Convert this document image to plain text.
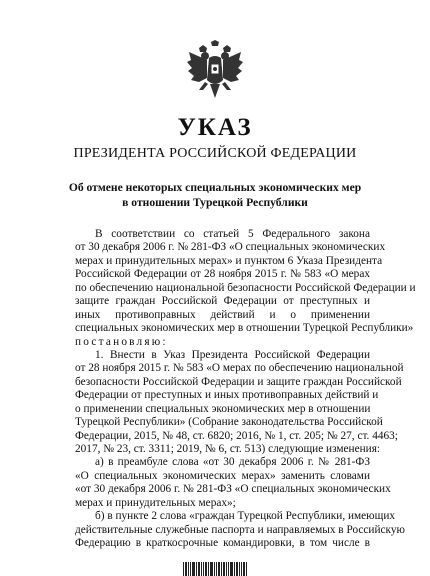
УКАЗ
ПРЕЗИДЕНТА РОССИЙСКОЙ ФЕДЕРАЦИИ
Об отмене некоторых специальных экономических мер
в отношении Турецкой Республики
В соответствии со статьей 5 Федерального закона
от 30 декабря 2006 г. № 281-ФЗ «О специальных экономических
мерах и принудительных мерах» и пунктом 6 Указа Президента
Российской Федерации от 28 ноября 2015 г. № 583 «О мерах
по обеспечению национальной безопасности Российской Федерации и
защите граждан Российской Федерации от преступных и
иных противоправных действий и о применении
специальных экономических мер в отношении Турецкой Республики»
постановляю:
1. Внести в Указ Президента Российской Федерации
от 28 ноября 2015 г. № 583 «О мерах по обеспечению национальной
безопасности Российской Федерации и защите граждан Российской
Федерации от преступных и иных противоправных действий и
о применении специальных экономических мер в отношении
Турецкой Республики» (Собрание законодательства Российской
Федерации, 2015, № 48, ст. 6820; 2016, № 1, ст. 205; № 27, ст. 4463;
2017, № 23, ст. 3311; 2019, № 6, ст. 513) следующие изменения:
а) в преамбуле слова «от 30 декабря 2006 г. № 281-ФЗ
«О специальных экономических мерах» заменить словами
«от 30 декабря 2006 г. № 281-ФЗ «О специальных экономических
мерах и принудительных мерах»;
б) в пункте 2 слова «граждан Турецкой Республики, имеющих
действительные служебные паспорта и направляемых в Российскую
Федерацию в краткосрочные командировки, в том числе в
